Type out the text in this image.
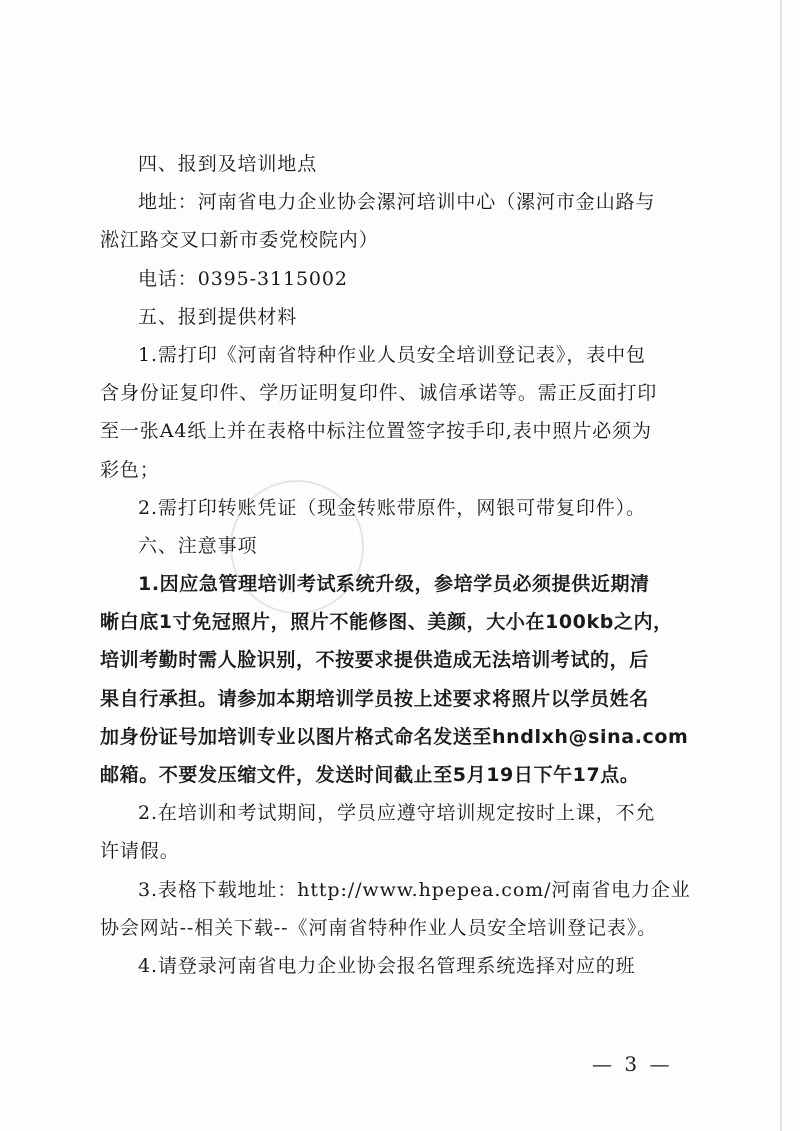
四、报到及培训地点
地址：河南省电力企业协会漯河培训中心（漯河市金山路与
淞江路交叉口新市委党校院内）
电话：0395-3115002
五、报到提供材料
1.需打印《河南省特种作业人员安全培训登记表》，表中包
含身份证复印件、学历证明复印件、诚信承诺等。需正反面打印
至一张A4纸上并在表格中标注位置签字按手印,表中照片必须为
彩色；
2.需打印转账凭证（现金转账带原件，网银可带复印件）。
六、注意事项
1.因应急管理培训考试系统升级，参培学员必须提供近期清
晰白底1寸免冠照片，照片不能修图、美颜，大小在100kb之内，
培训考勤时需人脸识别，不按要求提供造成无法培训考试的，后
果自行承担。请参加本期培训学员按上述要求将照片以学员姓名
加身份证号加培训专业以图片格式命名发送至hndlxh@sina.com
邮箱。不要发压缩文件，发送时间截止至5月19日下午17点。
2.在培训和考试期间，学员应遵守培训规定按时上课，不允
许请假。
3.表格下载地址：http://www.hpepea.com/河南省电力企业
协会网站--相关下载--《河南省特种作业人员安全培训登记表》。
4.请登录河南省电力企业协会报名管理系统选择对应的班
— 3 —
